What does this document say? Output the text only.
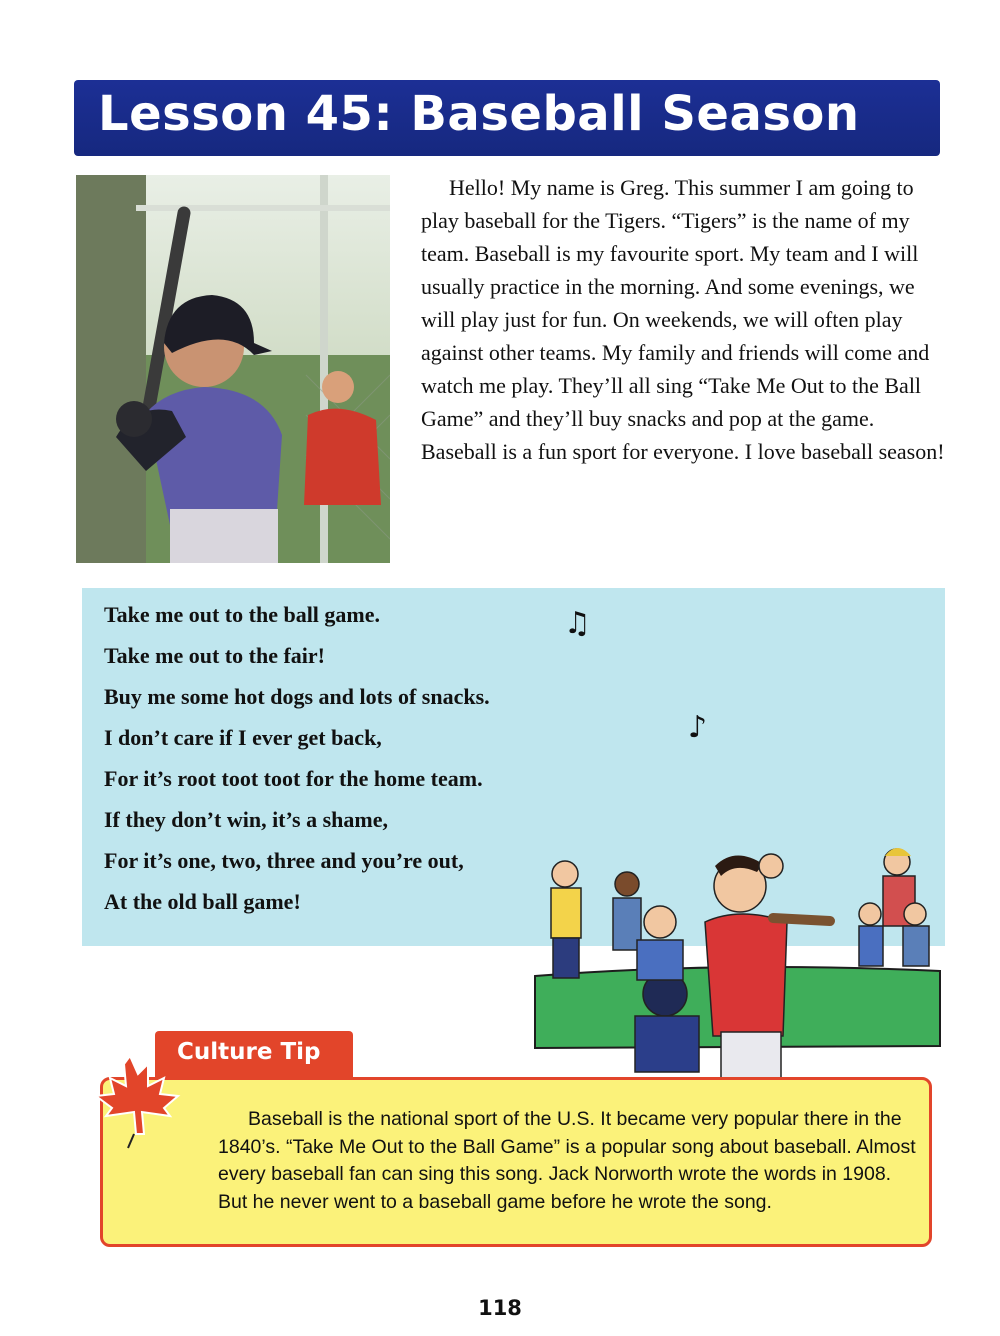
Lesson 45: Baseball Season

Hello! My name is Greg. This summer I am going to play baseball for the Tigers. “Tigers” is the name of my team. Baseball is my favourite sport. My team and I will usually practice in the morning. And some evenings, we will play just for fun. On weekends, we will often play against other teams. My family and friends will come and watch me play. They’ll all sing “Take Me Out to the Ball Game” and they’ll buy snacks and pop at the game. Baseball is a fun sport for everyone. I love baseball season!

Take me out to the ball game.
Take me out to the fair!
Buy me some hot dogs and lots of snacks.
I don’t care if I ever get back,
For it’s root toot toot for the home team.
If they don’t win, it’s a shame,
For it’s one, two, three and you’re out,
At the old ball game!
♫
♪
Culture Tip

Baseball is the national sport of the U.S. It became very popular there in the 1840’s. “Take Me Out to the Ball Game” is a popular song about baseball. Almost every baseball fan can sing this song. Jack Norworth wrote the words in 1908. But he never went to a baseball game before he wrote the song.

118
